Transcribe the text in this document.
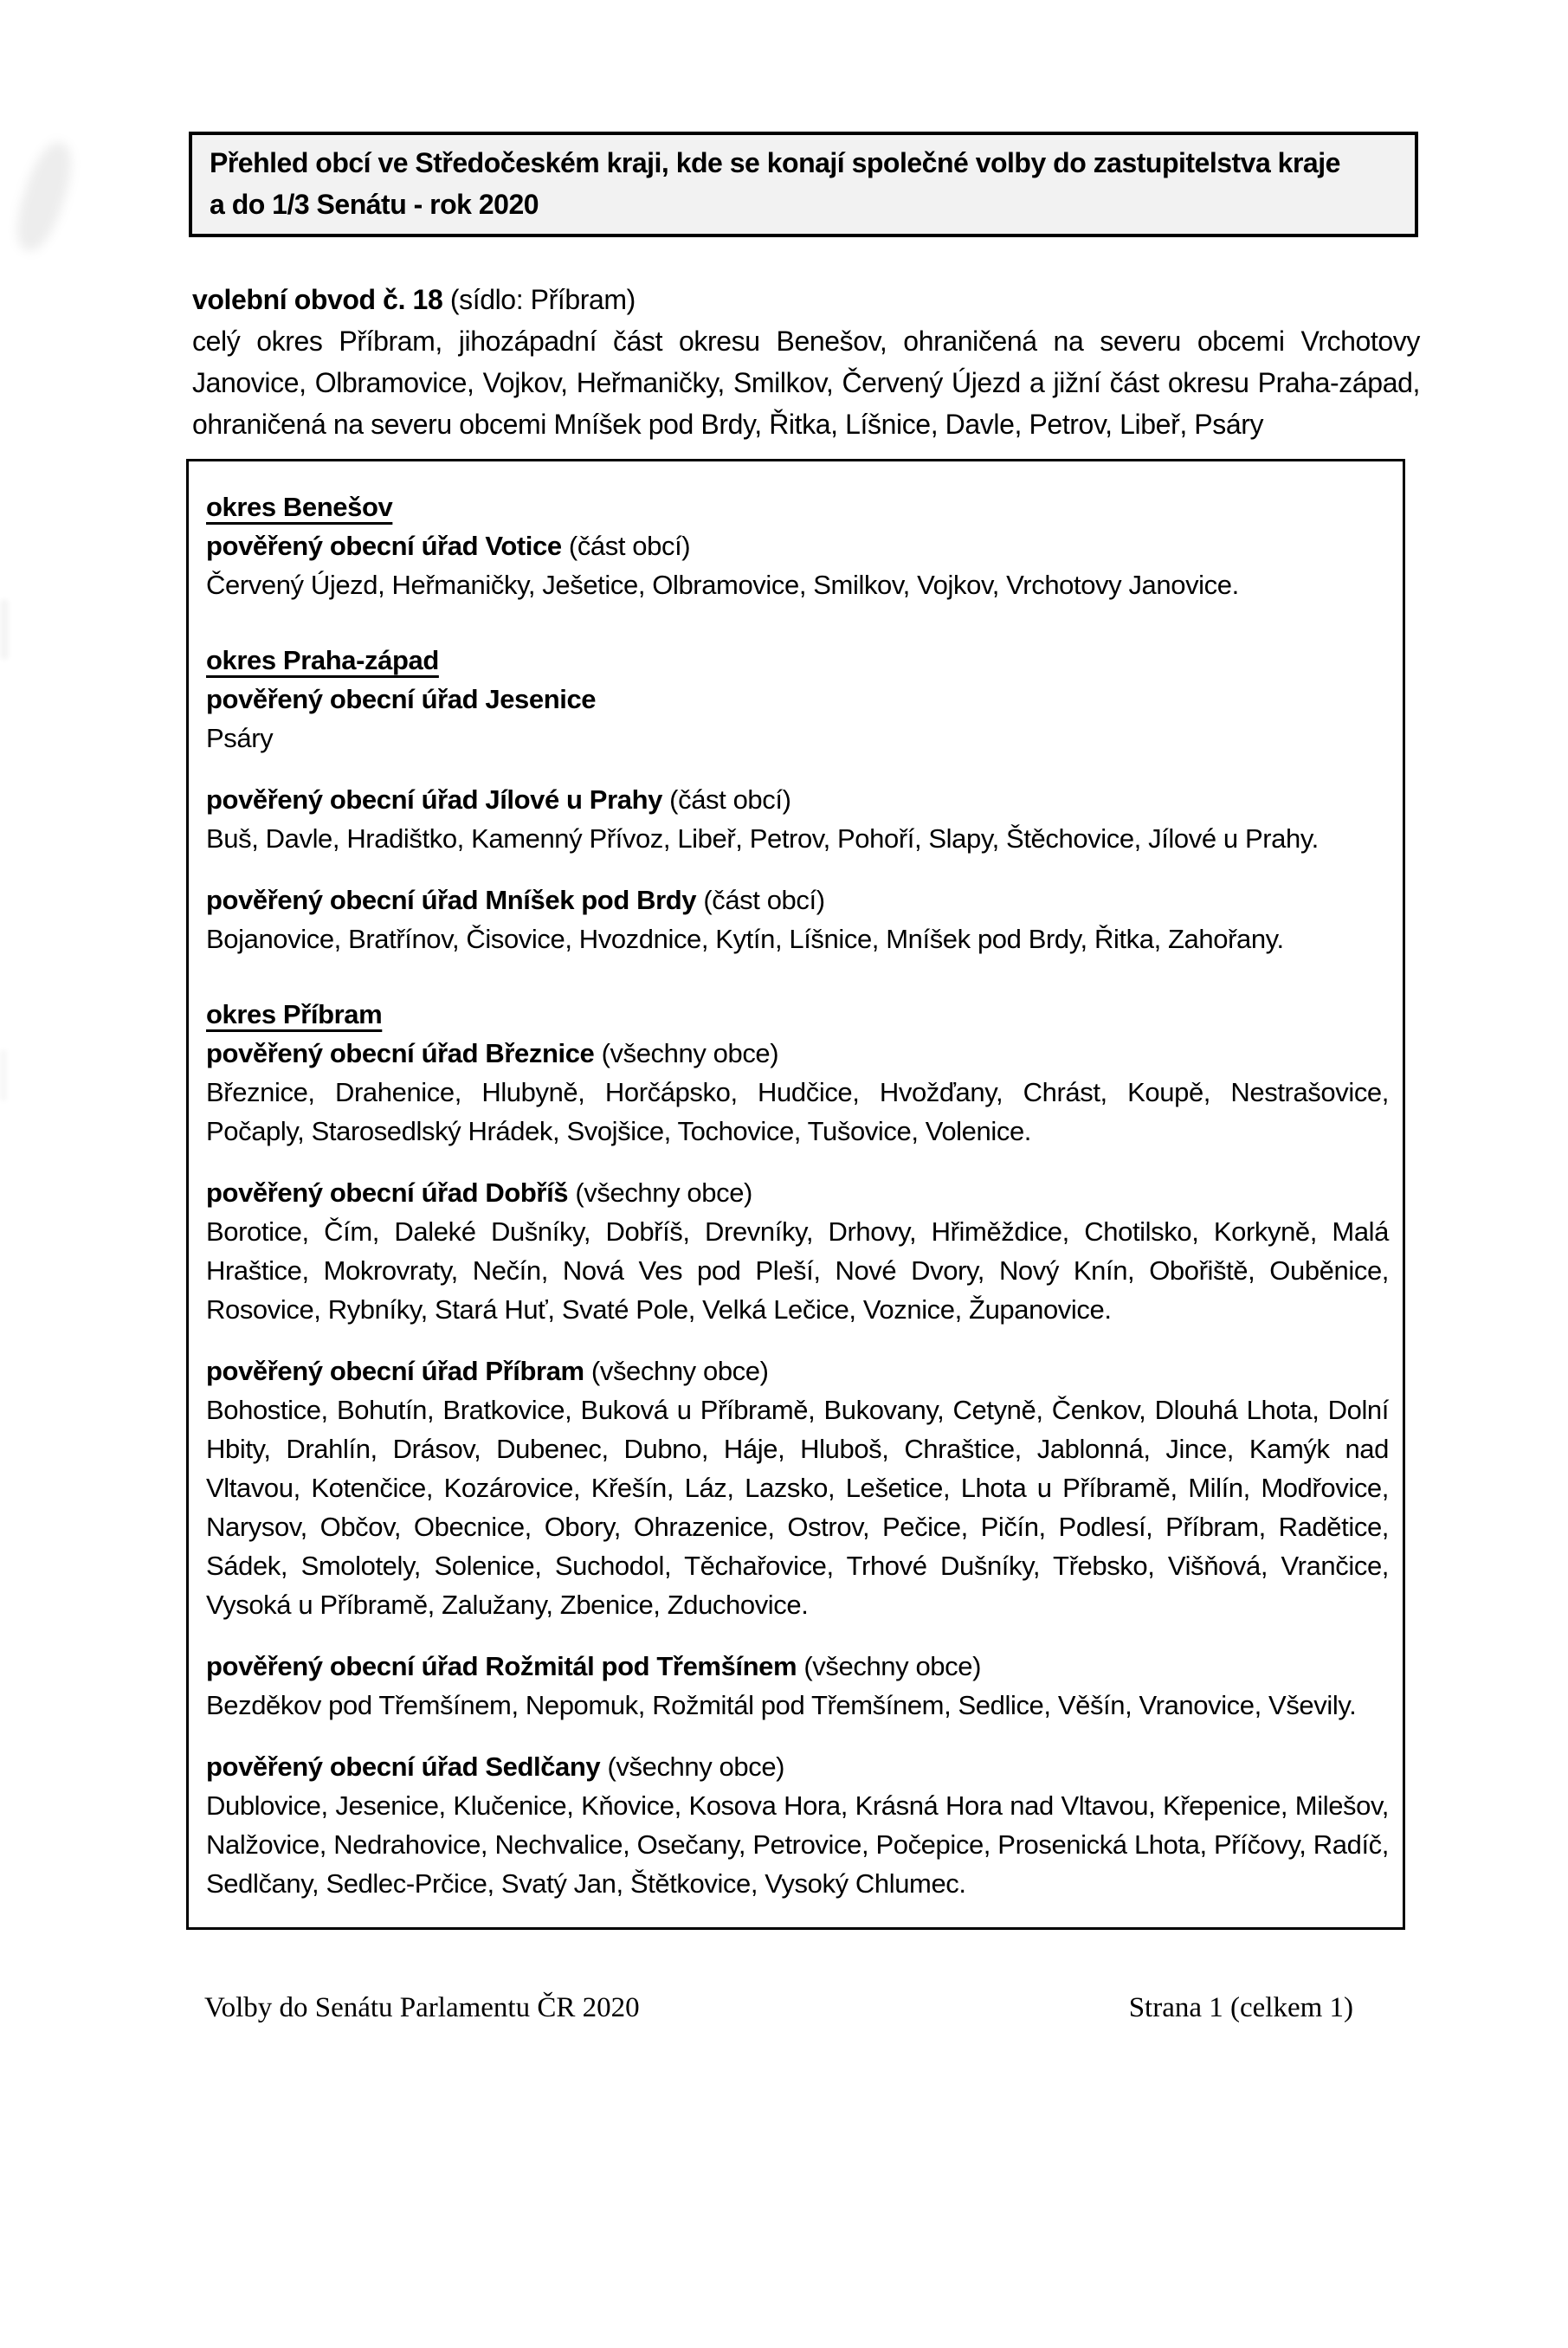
Přehled obcí ve Středočeském kraji, kde se konají společné volby do zastupitelstva kraje
a do 1/3 Senátu - rok 2020
volební obvod č. 18 (sídlo: Příbram)

celý okres Příbram, jihozápadní část okresu Benešov, ohraničená na severu obcemi Vrchotovy Janovice, Olbramovice, Vojkov, Heřmaničky, Smilkov, Červený Újezd a jižní část okresu Praha-západ, ohraničená na severu obcemi Mníšek pod Brdy, Řitka, Líšnice, Davle, Petrov, Libeř, Psáry

okres Benešov
pověřený obecní úřad Votice (část obcí)

Červený Újezd, Heřmaničky, Ješetice, Olbramovice, Smilkov, Vojkov, Vrchotovy Janovice.

okres Praha-západ
pověřený obecní úřad Jesenice

Psáry

pověřený obecní úřad Jílové u Prahy (část obcí)

Buš, Davle, Hradištko, Kamenný Přívoz, Libeř, Petrov, Pohoří, Slapy, Štěchovice, Jílové u Prahy.

pověřený obecní úřad Mníšek pod Brdy (část obcí)

Bojanovice, Bratřínov, Čisovice, Hvozdnice, Kytín, Líšnice, Mníšek pod Brdy, Řitka, Zahořany.

okres Příbram
pověřený obecní úřad Březnice (všechny obce)

Březnice, Drahenice, Hlubyně, Horčápsko, Hudčice, Hvožďany, Chrást, Koupě, Nestrašovice, Počaply, Starosedlský Hrádek, Svojšice, Tochovice, Tušovice, Volenice.

pověřený obecní úřad Dobříš (všechny obce)

Borotice, Čím, Daleké Dušníky, Dobříš, Drevníky, Drhovy, Hřiměždice, Chotilsko, Korkyně, Malá Hraštice, Mokrovraty, Nečín, Nová Ves pod Pleší, Nové Dvory, Nový Knín, Obořiště, Ouběnice, Rosovice, Rybníky, Stará Huť, Svaté Pole, Velká Lečice, Voznice, Županovice.

pověřený obecní úřad Příbram (všechny obce)

Bohostice, Bohutín, Bratkovice, Buková u Příbramě, Bukovany, Cetyně, Čenkov, Dlouhá Lhota, Dolní Hbity, Drahlín, Drásov, Dubenec, Dubno, Háje, Hluboš, Chraštice, Jablonná, Jince, Kamýk nad Vltavou, Kotenčice, Kozárovice, Křešín, Láz, Lazsko, Lešetice, Lhota u Příbramě, Milín, Modřovice, Narysov, Občov, Obecnice, Obory, Ohrazenice, Ostrov, Pečice, Pičín, Podlesí, Příbram, Radětice, Sádek, Smolotely, Solenice, Suchodol, Těchařovice, Trhové Dušníky, Třebsko, Višňová, Vrančice, Vysoká u Příbramě, Zalužany, Zbenice, Zduchovice.

pověřený obecní úřad Rožmitál pod Třemšínem (všechny obce)

Bezděkov pod Třemšínem, Nepomuk, Rožmitál pod Třemšínem, Sedlice, Věšín, Vranovice, Vševily.

pověřený obecní úřad Sedlčany (všechny obce)

Dublovice, Jesenice, Klučenice, Kňovice, Kosova Hora, Krásná Hora nad Vltavou, Křepenice, Milešov, Nalžovice, Nedrahovice, Nechvalice, Osečany, Petrovice, Počepice, Prosenická Lhota, Příčovy, Radíč, Sedlčany, Sedlec-Prčice, Svatý Jan, Štětkovice, Vysoký Chlumec.

Volby do Senátu Parlamentu ČR 2020	Strana 1 (celkem 1)
